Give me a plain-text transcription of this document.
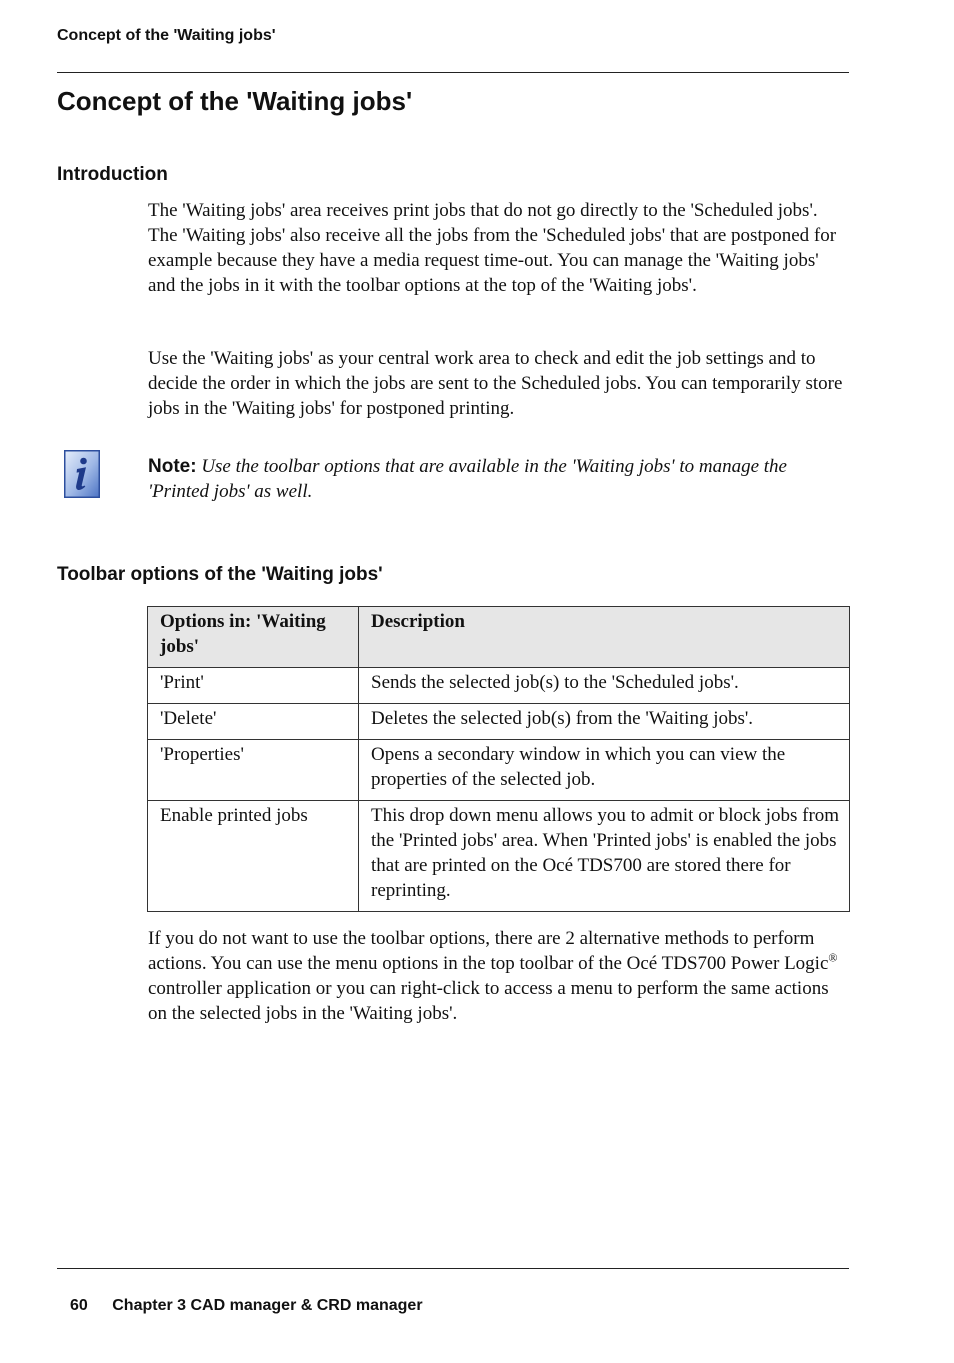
Concept of the 'Waiting jobs'
Concept of the 'Waiting jobs'
Introduction

The 'Waiting jobs' area receives print jobs that do not go directly to the 'Scheduled jobs'. The 'Waiting jobs' also receive all the jobs from the 'Scheduled jobs' that are postponed for example because they have a media request time-out. You can manage the 'Waiting jobs' and the jobs in it with the toolbar options at the top of the 'Waiting jobs'.

Use the 'Waiting jobs' as your central work area to check and edit the job settings and to decide the order in which the jobs are sent to the Scheduled jobs. You can temporarily store jobs in the 'Waiting jobs' for postponed printing.

Note: Use the toolbar options that are available in the 'Waiting jobs' to manage the 'Printed jobs' as well.

Toolbar options of the 'Waiting jobs'
Options in: 'Waiting jobs'	Description
'Print'	Sends the selected job(s) to the 'Scheduled jobs'.
'Delete'	Deletes the selected job(s) from the 'Waiting jobs'.
'Properties'	Opens a secondary window in which you can view the properties of the selected job.
Enable printed jobs	This drop down menu allows you to admit or block jobs from the 'Printed jobs' area. When 'Printed jobs' is enabled the jobs that are printed on the Océ TDS700 are stored there for reprinting.

If you do not want to use the toolbar options, there are 2 alternative methods to perform actions. You can use the menu options in the top toolbar of the Océ TDS700 Power Logic® controller application or you can right-click to access a menu to perform the same actions on the selected jobs in the 'Waiting jobs'.

60 Chapter 3 CAD manager & CRD manager
